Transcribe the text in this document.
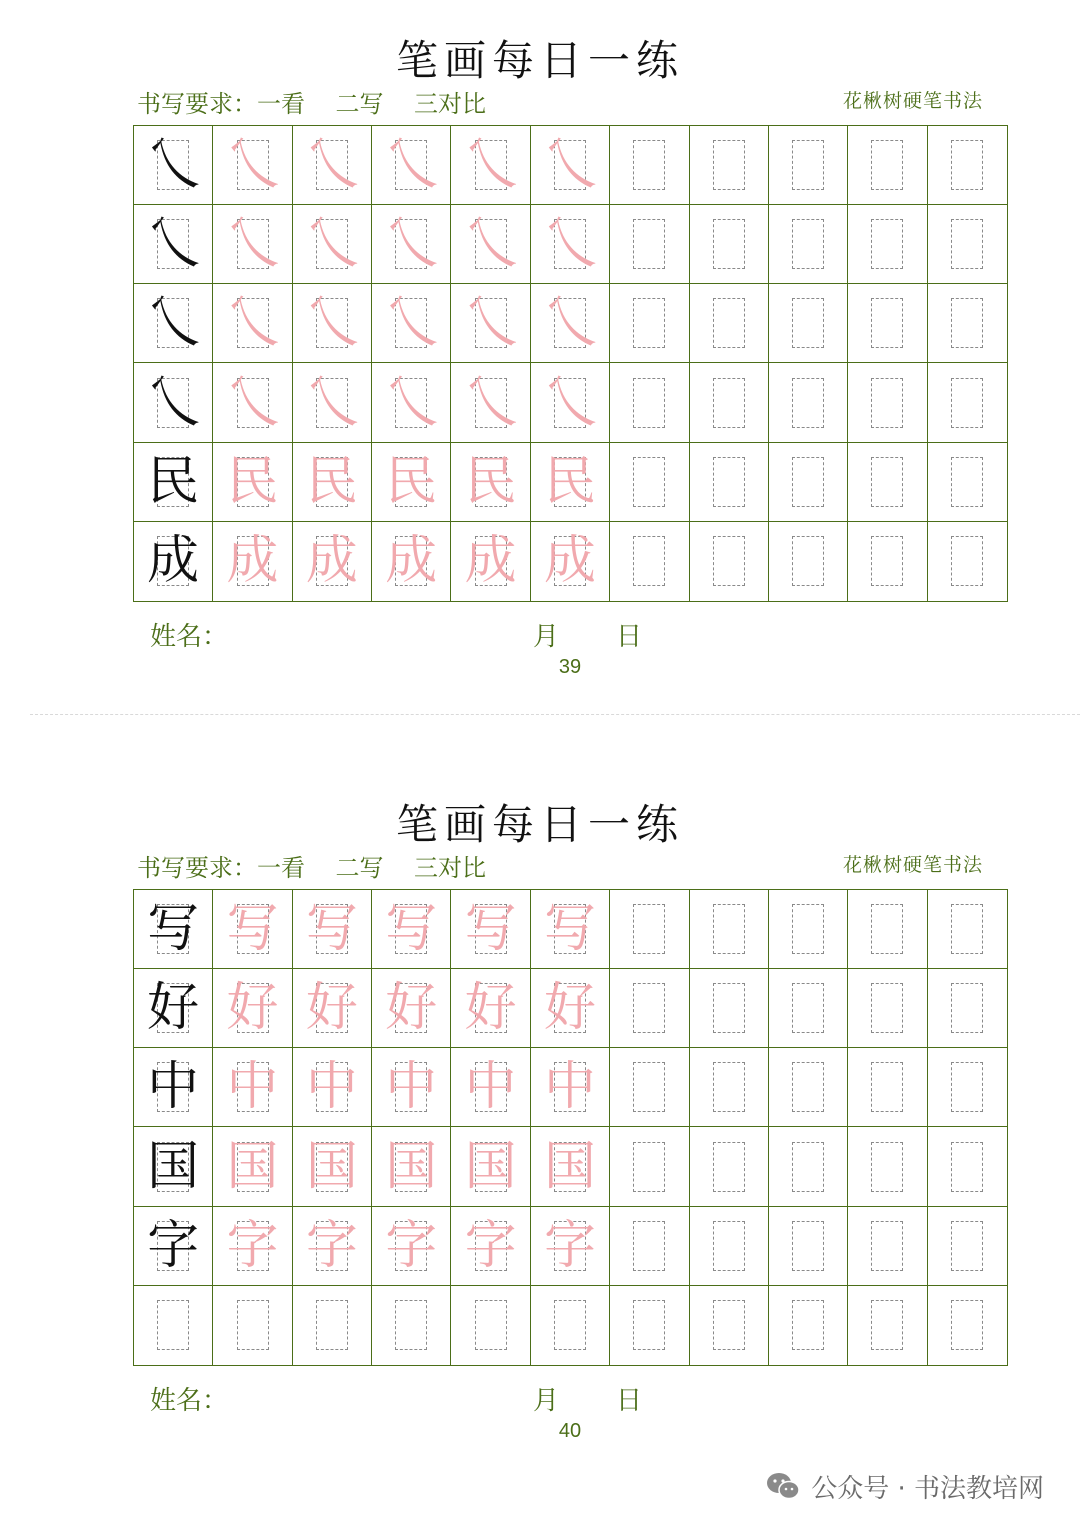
笔画每日一练
书写要求：一看    二写    三对比	花楸树硬笔书法
乀 乀 乀 乀 乀 乀
乀 乀 乀 乀 乀 乀
乀 乀 乀 乀 乀 乀
乀 乀 乀 乀 乀 乀
民 民 民 民 民 民
成 成 成 成 成 成
姓名：	月 日
39
笔画每日一练
书写要求：一看    二写    三对比	花楸树硬笔书法
写 写 写 写 写 写
好 好 好 好 好 好
中 中 中 中 中 中
国 国 国 国 国 国
字 字 字 字 字 字
姓名：	月 日
40
公众号 · 书法教培网
